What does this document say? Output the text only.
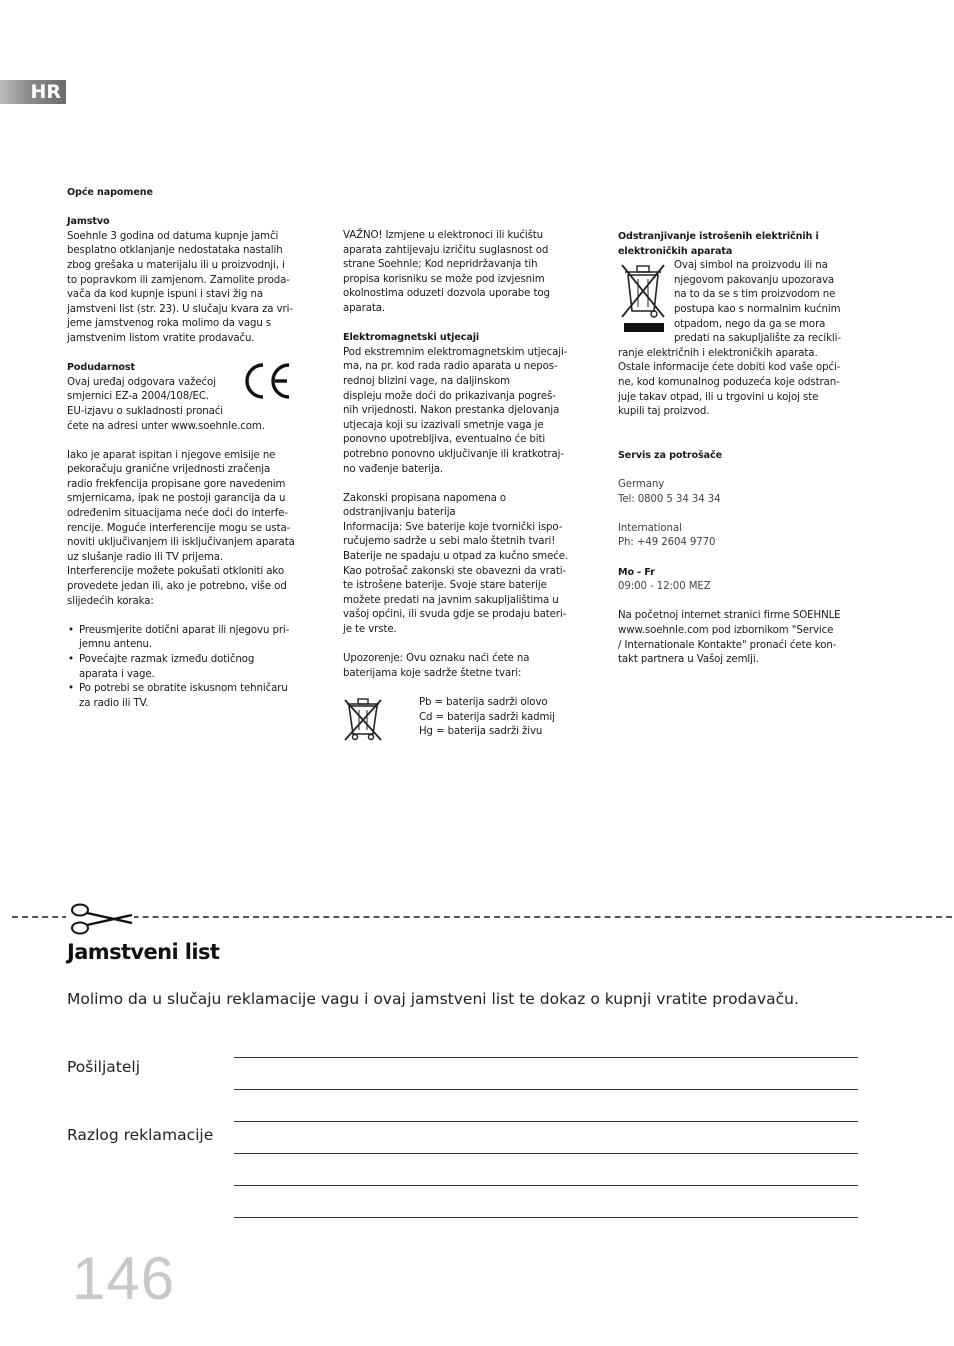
HR
Opće napomene
Jamstvo
Soehnle 3 godina od datuma kupnje jamči
besplatno otklanjanje nedostataka nastalih
zbog grešaka u materijalu ili u proizvodnji, i
to popravkom ili zamjenom. Zamolite proda-
vača da kod kupnje ispuni i stavi žig na
jamstveni list (str. 23). U slučaju kvara za vri-
jeme jamstvenog roka molimo da vagu s
jamstvenim listom vratite prodavaču.
Podudarnost
Ovaj uređaj odgovara važećoj
smjernici EZ-a 2004/108/EC.
EU-izjavu o sukladnosti pronaći
ćete na adresi unter www.soehnle.com.
Iako je aparat ispitan i njegove emisije ne
pekoračuju granične vrijednosti zračenja
radio frekfencija propisane gore navedenim
smjernicama, ipak ne postoji garancija da u
određenim situacijama neće doći do interfe-
rencije. Moguće interferencije mogu se usta-
noviti uključivanjem ili isključivanjem aparata
uz slušanje radio ili TV prijema.
Interferencije možete pokušati otkloniti ako
provedete jedan ili, ako je potrebno, više od
slijedećih koraka:
• Preusmjerite dotični aparat ili njegovu pri-
jemnu antenu.
• Povećajte razmak između dotičnog
aparata i vage.
• Po potrebi se obratite iskusnom tehničaru
za radio ili TV.
VAŽNO! Izmjene u elektronoci ili kućištu
aparata zahtijevaju izričitu suglasnost od
strane Soehnle; Kod nepridržavanja tih
propisa korisniku se može pod izvjesnim
okolnostima oduzeti dozvola uporabe tog
aparata.
Elektromagnetski utjecaji
Pod ekstremnim elektromagnetskim utjecaji-
ma, na pr. kod rada radio aparata u nepos-
rednoj blizini vage, na daljinskom
displeju može doći do prikazivanja pogreš-
nih vrijednosti. Nakon prestanka djelovanja
utjecaja koji su izazivali smetnje vaga je
ponovno upotrebljiva, eventualno će biti
potrebno ponovno uključivanje ili kratkotraj-
no vađenje baterija.
Zakonski propisana napomena o
odstranjivanju baterija
Informacija: Sve baterije koje tvornički ispo-
ručujemo sadrže u sebi malo štetnih tvari!
Baterije ne spadaju u otpad za kučno smeće.
Kao potrošač zakonski ste obavezni da vrati-
te istrošene baterije. Svoje stare baterije
možete predati na javnim sakupljalištima u
vašoj općini, ili svuda gdje se prodaju bateri-
je te vrste.
Upozorenje: Ovu oznaku naći ćete na
baterijama koje sadrže štetne tvari:
Pb = baterija sadrži olovo
Cd = baterija sadrži kadmij
Hg = baterija sadrži živu
Odstranjivanje istrošenih električnih i
elektroničkih aparata
Ovaj simbol na proizvodu ili na
njegovom pakovanju upozorava
na to da se s tim proizvodom ne
postupa kao s normalnim kućnim
otpadom, nego da ga se mora
predati na sakupljalište za recikli-
ranje električnih i elektroničkih aparata.
Ostale informacije ćete dobiti kod vaše opći-
ne, kod komunalnog poduzeća koje odstran-
juje takav otpad, ili u trgovini u kojoj ste
kupili taj proizvod.
Servis za potrošače
Germany
Tel: 0800 5 34 34 34
International
Ph: +49 2604 9770
Mo - Fr
09:00 - 12:00 MEZ
Na početnoj internet stranici firme SOEHNLE
www.soehnle.com pod izbornikom "Service
/ Internationale Kontakte" pronaći ćete kon-
takt partnera u Vašoj zemlji.
Jamstveni list
Molimo da u slučaju reklamacije vagu i ovaj jamstveni list te dokaz o kupnji vratite prodavaču.
Pošiljatelj
Razlog reklamacije
146
